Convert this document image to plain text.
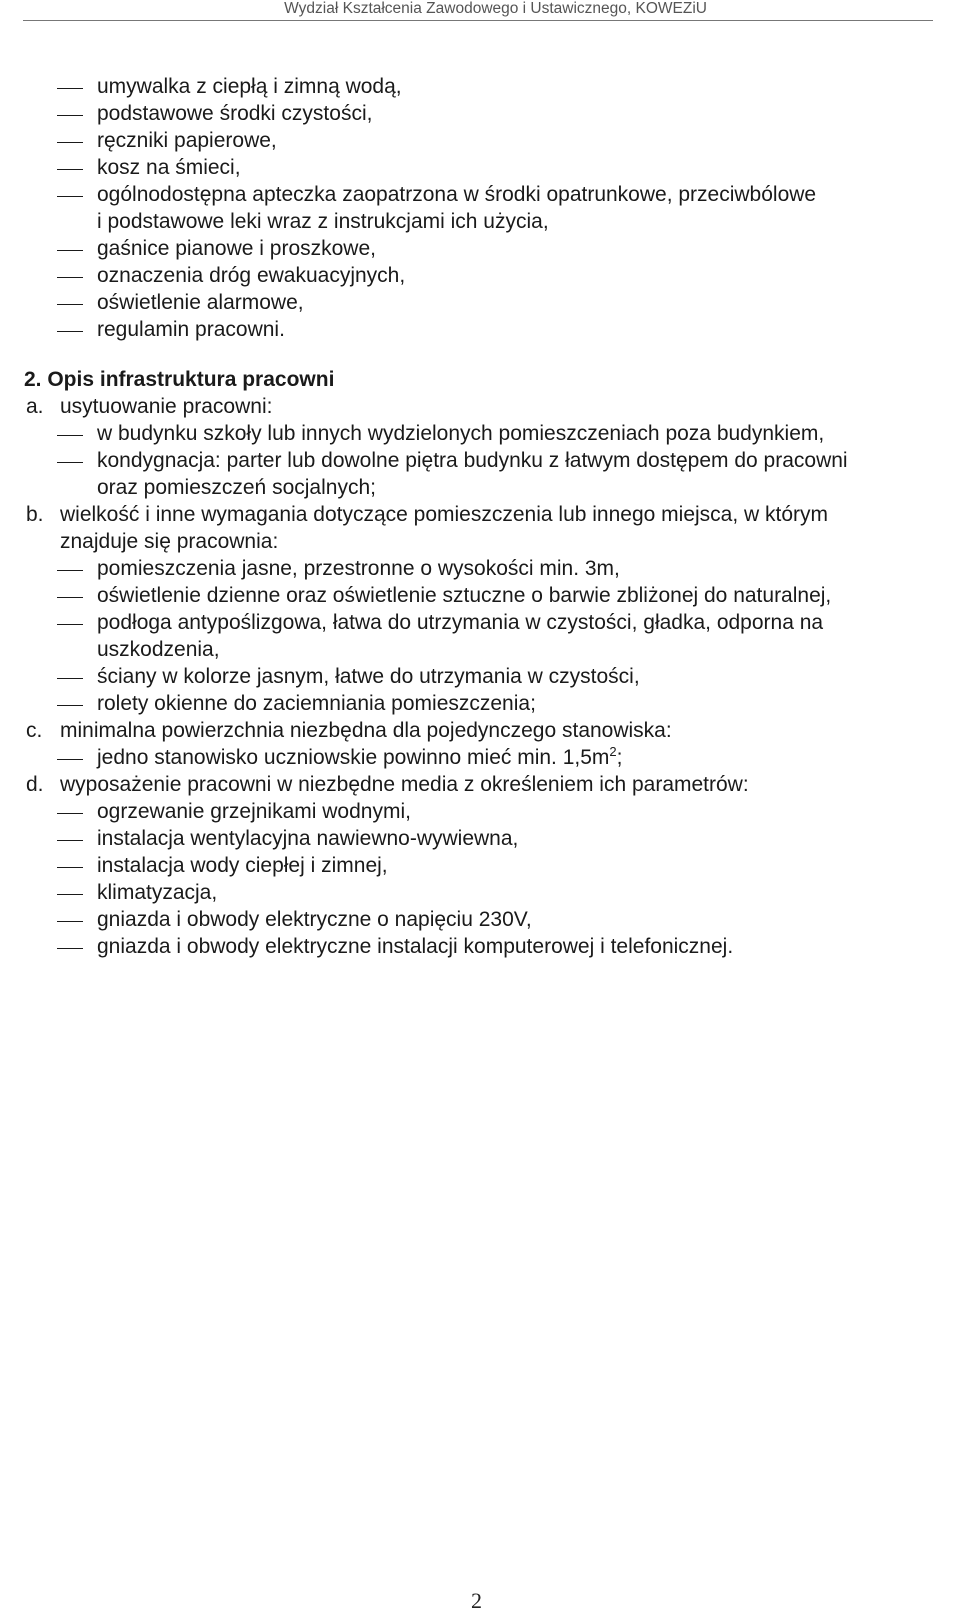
Wydział Kształcenia Zawodowego i Ustawicznego, KOWEZiU
umywalka z ciepłą i zimną wodą,
podstawowe środki czystości,
ręczniki papierowe,
kosz na śmieci,
ogólnodostępna apteczka zaopatrzona w środki opatrunkowe, przeciwbólowe
i podstawowe leki wraz z instrukcjami ich użycia,
gaśnice pianowe i proszkowe,
oznaczenia dróg ewakuacyjnych,
oświetlenie alarmowe,
regulamin pracowni.
2. Opis infrastruktura pracowni
a. usytuowanie pracowni:
w budynku szkoły lub innych wydzielonych pomieszczeniach poza budynkiem,
kondygnacja: parter lub dowolne piętra budynku z łatwym dostępem do pracowni
oraz pomieszczeń socjalnych;
b. wielkość i inne wymagania dotyczące pomieszczenia lub innego miejsca, w którym
znajduje się pracownia:
pomieszczenia jasne, przestronne o wysokości min. 3m,
oświetlenie dzienne oraz oświetlenie sztuczne o barwie zbliżonej do naturalnej,
podłoga antypoślizgowa, łatwa do utrzymania w czystości, gładka, odporna na
uszkodzenia,
ściany w kolorze jasnym, łatwe do utrzymania w czystości,
rolety okienne do zaciemniania pomieszczenia;
c. minimalna powierzchnia niezbędna dla pojedynczego stanowiska:
jedno stanowisko uczniowskie powinno mieć min. $1,5m^2$;
d. wyposażenie pracowni w niezbędne media z określeniem ich parametrów:
ogrzewanie grzejnikami wodnymi,
instalacja wentylacyjna nawiewno-wywiewna,
instalacja wody ciepłej i zimnej,
klimatyzacja,
gniazda i obwody elektryczne o napięciu 230V,
gniazda i obwody elektryczne instalacji komputerowej i telefonicznej.
2
